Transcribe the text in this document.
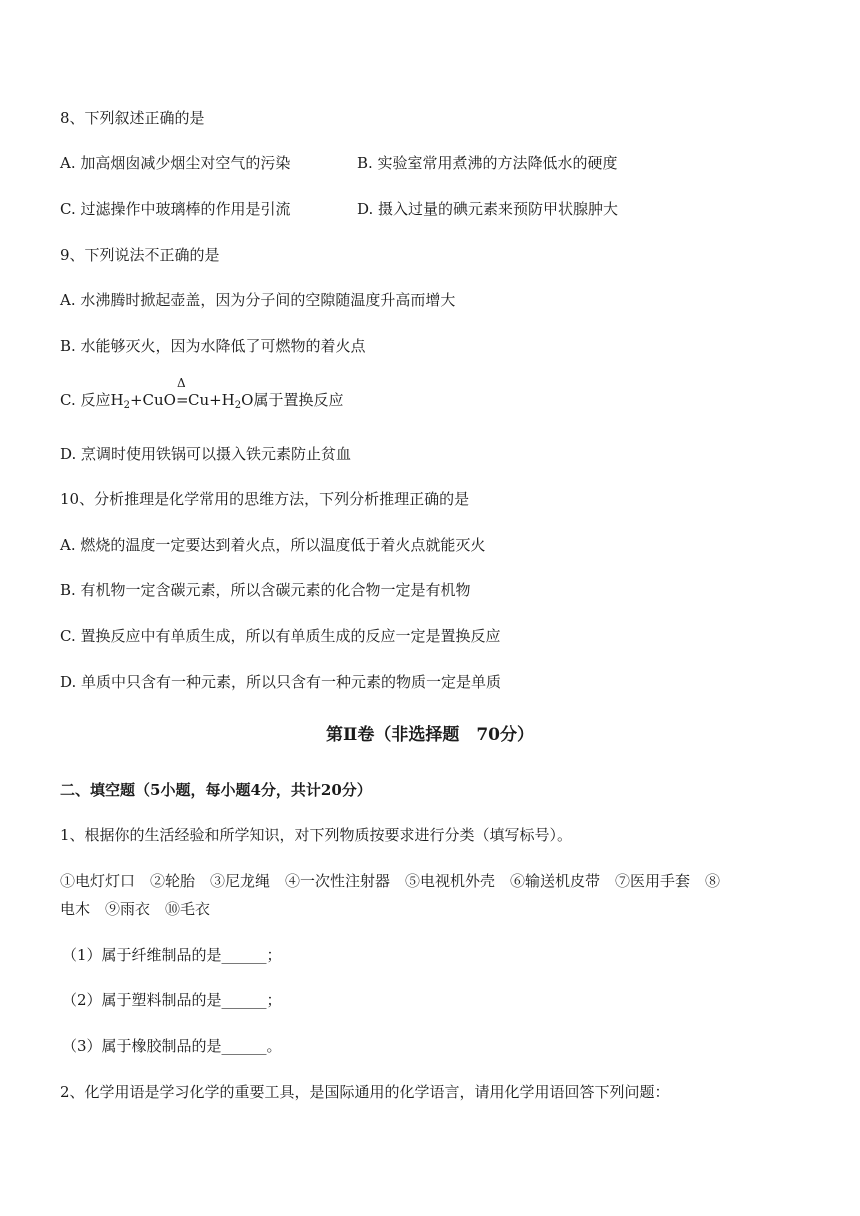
8、下列叙述正确的是
A. 加高烟囱减少烟尘对空气的污染	B. 实验室常用煮沸的方法降低水的硬度
C. 过滤操作中玻璃棒的作用是引流	D. 摄入过量的碘元素来预防甲状腺肿大
9、下列说法不正确的是
A. 水沸腾时掀起壶盖，因为分子间的空隙随温度升高而增大
B. 水能够灭火，因为水降低了可燃物的着火点
C. 反应$H_2+CuO$
Δ
$=Cu+H_2O$属于置换反应
D. 烹调时使用铁锅可以摄入铁元素防止贫血
10、分析推理是化学常用的思维方法，下列分析推理正确的是
A. 燃烧的温度一定要达到着火点，所以温度低于着火点就能灭火
B. 有机物一定含碳元素，所以含碳元素的化合物一定是有机物
C. 置换反应中有单质生成，所以有单质生成的反应一定是置换反应
D. 单质中只含有一种元素，所以只含有一种元素的物质一定是单质
第Ⅱ卷（非选择题　70分）
二、填空题（5小题，每小题4分，共计20分）
1、根据你的生活经验和所学知识，对下列物质按要求进行分类（填写标号）。
①电灯灯口　②轮胎　③尼龙绳　④一次性注射器　⑤电视机外壳　⑥输送机皮带　⑦医用手套　⑧
电木　⑨雨衣　⑩毛衣
（1）属于纤维制品的是______；
（2）属于塑料制品的是______；
（3）属于橡胶制品的是______。
2、化学用语是学习化学的重要工具，是国际通用的化学语言，请用化学用语回答下列问题：
